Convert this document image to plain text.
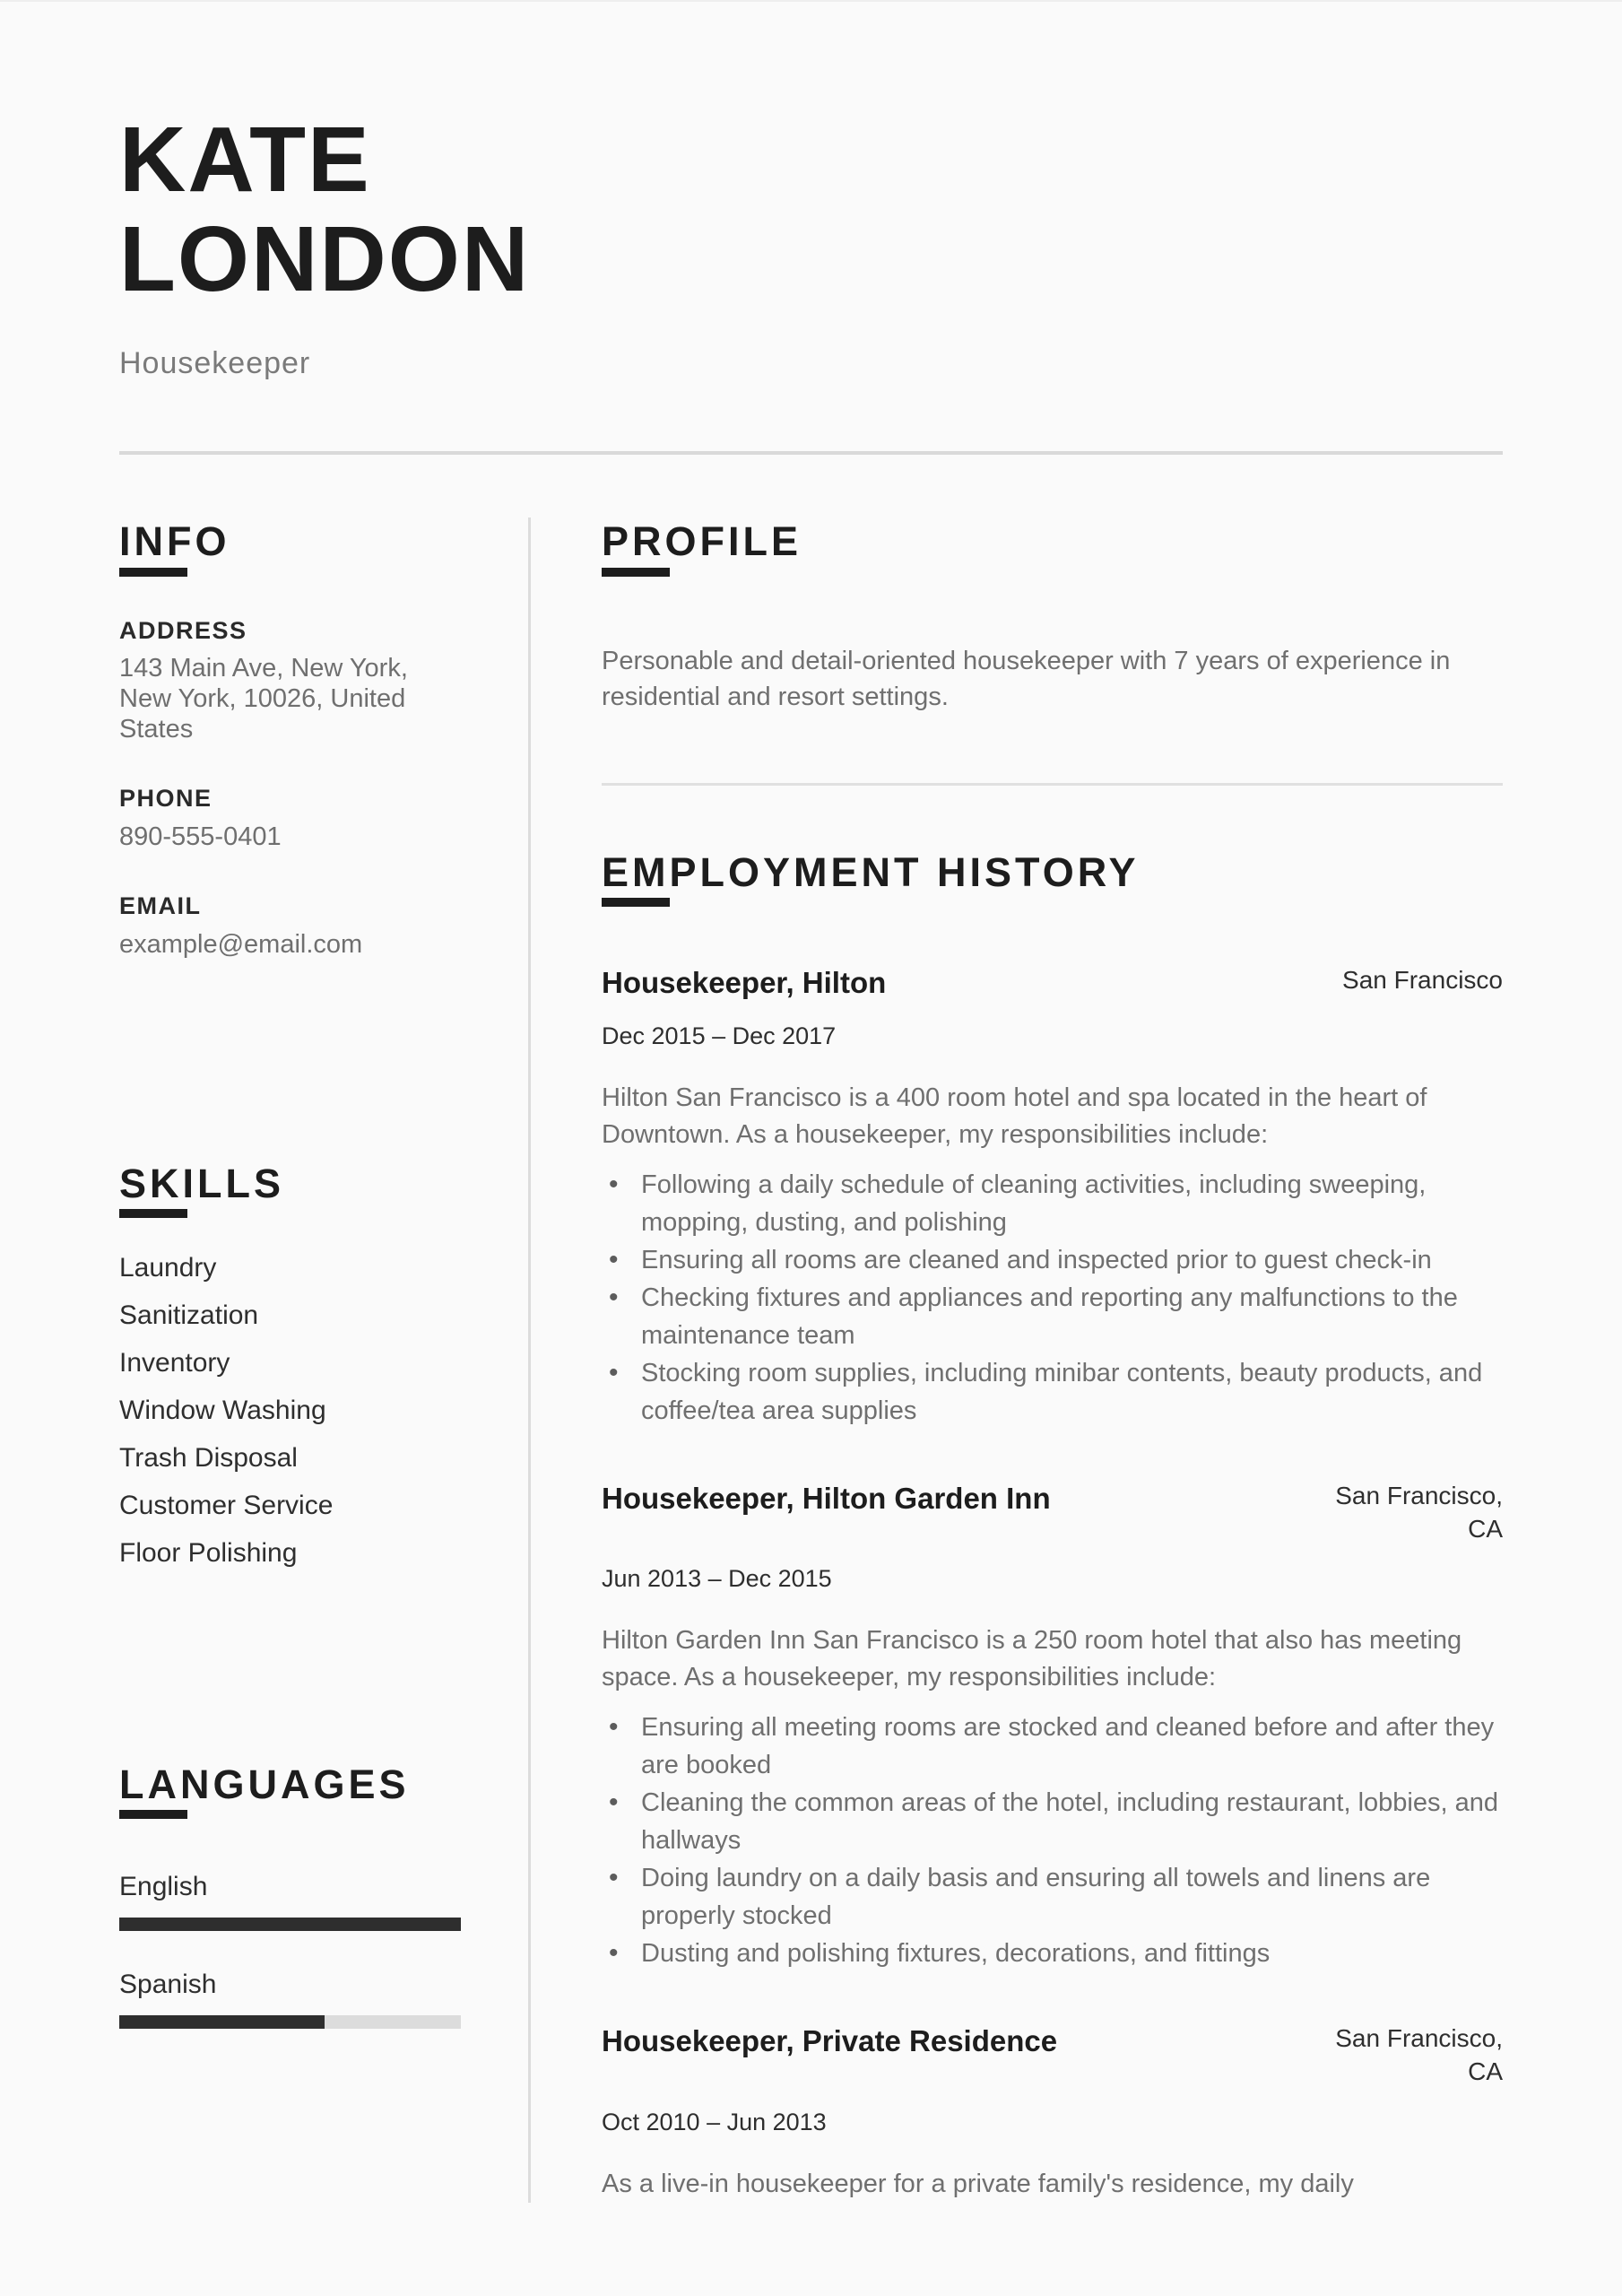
KATE LONDON
Housekeeper
INFO
ADDRESS
143 Main Ave, New York, New York, 10026, United States
PHONE
890-555-0401
EMAIL
example@email.com
SKILLS
Laundry
Sanitization
Inventory
Window Washing
Trash Disposal
Customer Service
Floor Polishing
LANGUAGES
English
Spanish
PROFILE

Personable and detail-oriented housekeeper with 7 years of experience in residential and resort settings.

EMPLOYMENT HISTORY
Housekeeper, Hilton	San Francisco
Dec 2015 – Dec 2017

Hilton San Francisco is a 400 room hotel and spa located in the heart of Downtown. As a housekeeper, my responsibilities include:

• Following a daily schedule of cleaning activities, including sweeping, mopping, dusting, and polishing
• Ensuring all rooms are cleaned and inspected prior to guest check-in
• Checking fixtures and appliances and reporting any malfunctions to the maintenance team
• Stocking room supplies, including minibar contents, beauty products, and coffee/tea area supplies
Housekeeper, Hilton Garden Inn	San Francisco, CA
Jun 2013 – Dec 2015

Hilton Garden Inn San Francisco is a 250 room hotel that also has meeting space. As a housekeeper, my responsibilities include:

• Ensuring all meeting rooms are stocked and cleaned before and after they are booked
• Cleaning the common areas of the hotel, including restaurant, lobbies, and hallways
• Doing laundry on a daily basis and ensuring all towels and linens are properly stocked
• Dusting and polishing fixtures, decorations, and fittings
Housekeeper, Private Residence	San Francisco, CA
Oct 2010 – Jun 2013

As a live-in housekeeper for a private family's residence, my daily
